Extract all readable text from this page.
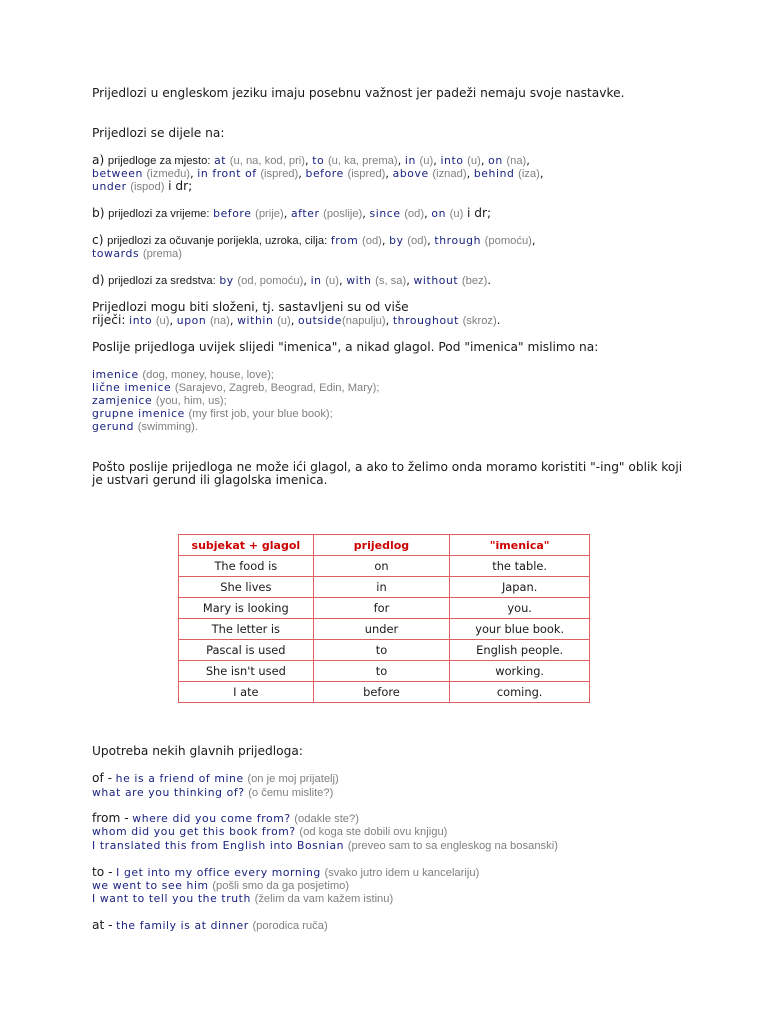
Prijedlozi u engleskom jeziku imaju posebnu važnost jer padeži nemaju svoje nastavke.
Prijedlozi se dijele na:
a) prijedloge za mjesto: at (u, na, kod, pri), to (u, ka, prema), in (u), into (u), on (na),
between (između), in front of (ispred), before (ispred), above (iznad), behind (iza),
under (ispod) i dr;
b) prijedlozi za vrijeme: before (prije), after (poslije), since (od), on (u) i dr;
c) prijedlozi za očuvanje porijekla, uzroka, cilja: from (od), by (od), through (pomoću),
towards (prema)
d) prijedlozi za sredstva: by (od, pomoću), in (u), with (s, sa), without (bez).
Prijedlozi mogu biti složeni, tj. sastavljeni su od više
riječi: into (u), upon (na), within (u), outside(napulju), throughout (skroz).
Poslije prijedloga uvijek slijedi "imenica", a nikad glagol. Pod "imenica" mislimo na:
imenice (dog, money, house, love);
lične imenice (Sarajevo, Zagreb, Beograd, Edin, Mary);
zamjenice (you, him, us);
grupne imenice (my first job, your blue book);
gerund (swimming).
Pošto poslije prijedloga ne može ići glagol, a ako to želimo onda moramo koristiti "-ing" oblik koji
je ustvari gerund ili glagolska imenica.
subjekat + glagol	prijedlog	"imenica"
The food is	on	the table.
She lives	in	Japan.
Mary is looking	for	you.
The letter is	under	your blue book.
Pascal is used	to	English people.
She isn't used	to	working.
I ate	before	coming.
Upotreba nekih glavnih prijedloga:
of - he is a friend of mine (on je moj prijatelj)
what are you thinking of? (o čemu mislite?)
from - where did you come from? (odakle ste?)
whom did you get this book from? (od koga ste dobili ovu knjigu)
I translated this from English into Bosnian (preveo sam to sa engleskog na bosanski)
to - I get into my office every morning (svako jutro idem u kancelariju)
we went to see him (pošli smo da ga posjetimo)
I want to tell you the truth (želim da vam kažem istinu)
at - the family is at dinner (porodica ruča)
